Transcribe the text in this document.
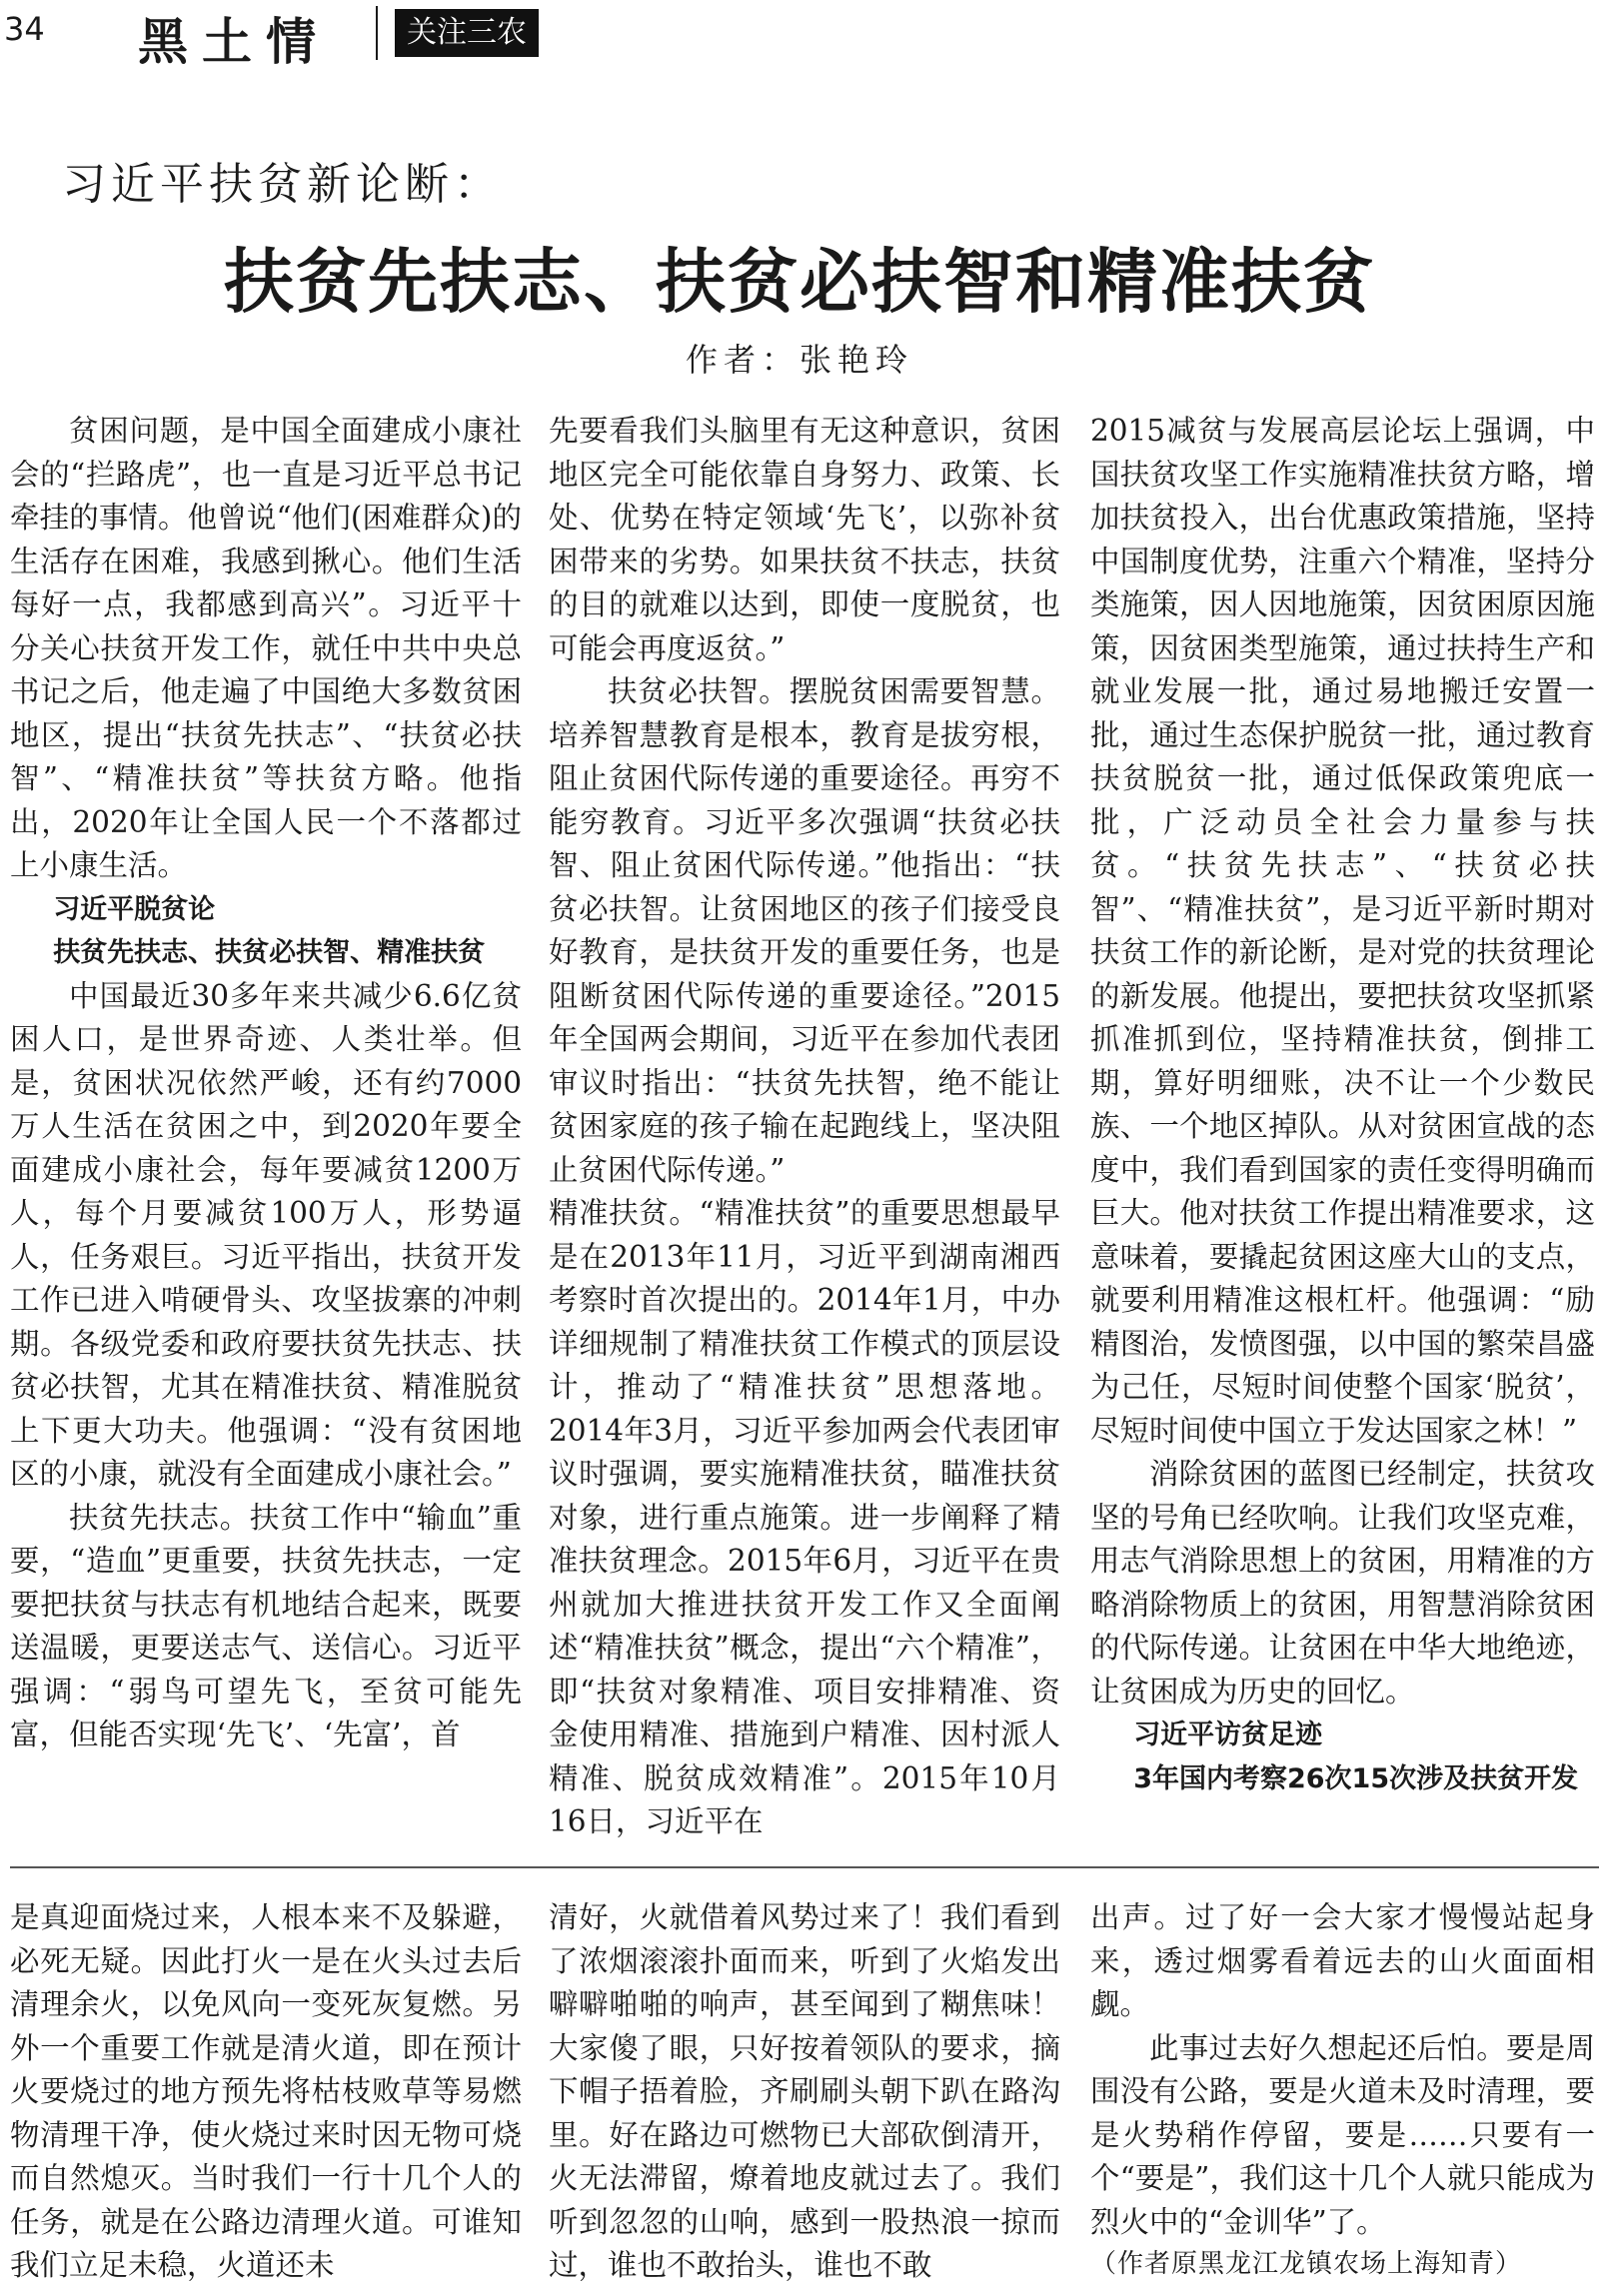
34 黑土情	关注三农
习近平扶贫新论断：
扶贫先扶志、扶贫必扶智和精准扶贫
作者：张艳玲

贫困问题，是中国全面建成小康社会的“拦路虎”，也一直是习近平总书记牵挂的事情。他曾说“他们(困难群众)的生活存在困难，我感到揪心。他们生活每好一点，我都感到高兴”。习近平十分关心扶贫开发工作，就任中共中央总书记之后，他走遍了中国绝大多数贫困地区，提出“扶贫先扶志”、“扶贫必扶智”、“精准扶贫”等扶贫方略。他指出，2020年让全国人民一个不落都过上小康生活。

习近平脱贫论

扶贫先扶志、扶贫必扶智、精准扶贫

中国最近30多年来共减少6.6亿贫困人口，是世界奇迹、人类壮举。但是，贫困状况依然严峻，还有约7000万人生活在贫困之中，到2020年要全面建成小康社会，每年要减贫1200万人，每个月要减贫100万人，形势逼人，任务艰巨。习近平指出，扶贫开发工作已进入啃硬骨头、攻坚拔寨的冲刺期。各级党委和政府要扶贫先扶志、扶贫必扶智，尤其在精准扶贫、精准脱贫上下更大功夫。他强调：“没有贫困地区的小康，就没有全面建成小康社会。”

扶贫先扶志。扶贫工作中“输血”重要，“造血”更重要，扶贫先扶志，一定要把扶贫与扶志有机地结合起来，既要送温暖，更要送志气、送信心。习近平强调：“弱鸟可望先飞，至贫可能先富，但能否实现‘先飞’、‘先富’，首

先要看我们头脑里有无这种意识，贫困地区完全可能依靠自身努力、政策、长处、优势在特定领域‘先飞’，以弥补贫困带来的劣势。如果扶贫不扶志，扶贫的目的就难以达到，即使一度脱贫，也可能会再度返贫。”

扶贫必扶智。摆脱贫困需要智慧。培养智慧教育是根本，教育是拔穷根，阻止贫困代际传递的重要途径。再穷不能穷教育。习近平多次强调“扶贫必扶智、阻止贫困代际传递。”他指出：“扶贫必扶智。让贫困地区的孩子们接受良好教育，是扶贫开发的重要任务，也是阻断贫困代际传递的重要途径。”2015年全国两会期间，习近平在参加代表团审议时指出：“扶贫先扶智，绝不能让贫困家庭的孩子输在起跑线上，坚决阻止贫困代际传递。”

精准扶贫。“精准扶贫”的重要思想最早是在2013年11月，习近平到湖南湘西考察时首次提出的。2014年1月，中办详细规制了精准扶贫工作模式的顶层设计，推动了“精准扶贫”思想落地。2014年3月，习近平参加两会代表团审议时强调，要实施精准扶贫，瞄准扶贫对象，进行重点施策。进一步阐释了精准扶贫理念。2015年6月，习近平在贵州就加大推进扶贫开发工作又全面阐述“精准扶贫”概念，提出“六个精准”，即“扶贫对象精准、项目安排精准、资金使用精准、措施到户精准、因村派人精准、脱贫成效精准”。2015年10月16日，习近平在

2015减贫与发展高层论坛上强调，中国扶贫攻坚工作实施精准扶贫方略，增加扶贫投入，出台优惠政策措施，坚持中国制度优势，注重六个精准，坚持分类施策，因人因地施策，因贫困原因施策，因贫困类型施策，通过扶持生产和就业发展一批，通过易地搬迁安置一批，通过生态保护脱贫一批，通过教育扶贫脱贫一批，通过低保政策兜底一批，广泛动员全社会力量参与扶贫。“扶贫先扶志”、“扶贫必扶智”、“精准扶贫”，是习近平新时期对扶贫工作的新论断，是对党的扶贫理论的新发展。他提出，要把扶贫攻坚抓紧抓准抓到位，坚持精准扶贫，倒排工期，算好明细账，决不让一个少数民族、一个地区掉队。从对贫困宣战的态度中，我们看到国家的责任变得明确而巨大。他对扶贫工作提出精准要求，这意味着，要撬起贫困这座大山的支点，就要利用精准这根杠杆。他强调：“励精图治，发愤图强，以中国的繁荣昌盛为己任，尽短时间使整个国家‘脱贫’，尽短时间使中国立于发达国家之林！”

消除贫困的蓝图已经制定，扶贫攻坚的号角已经吹响。让我们攻坚克难，用志气消除思想上的贫困，用精准的方略消除物质上的贫困，用智慧消除贫困的代际传递。让贫困在中华大地绝迹，让贫困成为历史的回忆。

习近平访贫足迹

3年国内考察26次15次涉及扶贫开发

是真迎面烧过来，人根本来不及躲避，必死无疑。因此打火一是在火头过去后清理余火，以免风向一变死灰复燃。另外一个重要工作就是清火道，即在预计火要烧过的地方预先将枯枝败草等易燃物清理干净，使火烧过来时因无物可烧而自然熄灭。当时我们一行十几个人的任务，就是在公路边清理火道。可谁知我们立足未稳，火道还未

清好，火就借着风势过来了！我们看到了浓烟滚滚扑面而来，听到了火焰发出噼噼啪啪的响声，甚至闻到了糊焦味！大家傻了眼，只好按着领队的要求，摘下帽子捂着脸，齐刷刷头朝下趴在路沟里。好在路边可燃物已大部砍倒清开，火无法滞留，燎着地皮就过去了。我们听到忽忽的山响，感到一股热浪一掠而过，谁也不敢抬头，谁也不敢

出声。过了好一会大家才慢慢站起身来，透过烟雾看着远去的山火面面相觑。

此事过去好久想起还后怕。要是周围没有公路，要是火道未及时清理，要是火势稍作停留，要是……只要有一个“要是”，我们这十几个人就只能成为烈火中的“金训华”了。

（作者原黑龙江龙镇农场上海知青）
